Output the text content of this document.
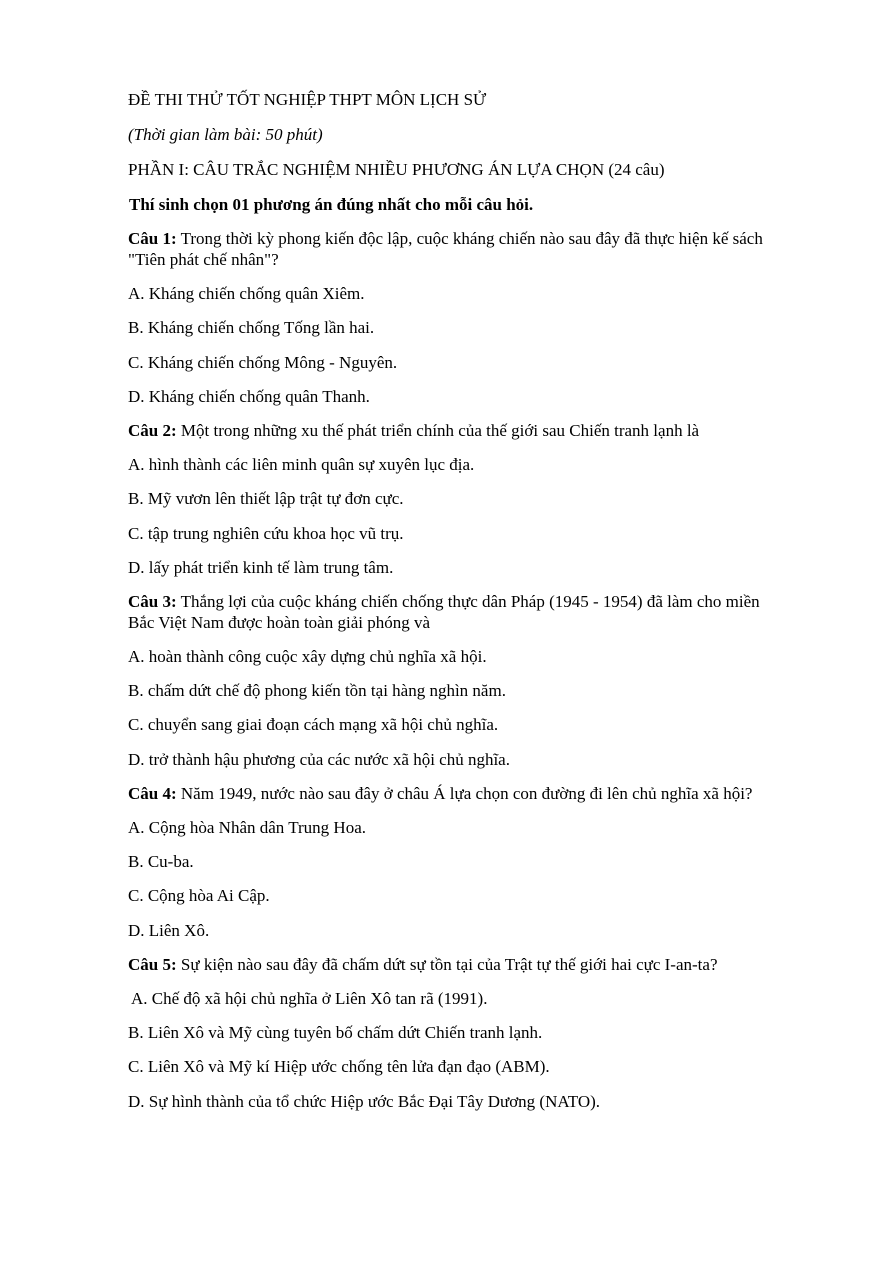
ĐỀ THI THỬ TỐT NGHIỆP THPT MÔN LỊCH SỬ
(Thời gian làm bài: 50 phút)
PHẦN I: CÂU TRẮC NGHIỆM NHIỀU PHƯƠNG ÁN LỰA CHỌN (24 câu)
Thí sinh chọn 01 phương án đúng nhất cho mỗi câu hỏi.
Câu 1: Trong thời kỳ phong kiến độc lập, cuộc kháng chiến nào sau đây đã thực hiện kế sách
"Tiên phát chế nhân"?
A. Kháng chiến chống quân Xiêm.
B. Kháng chiến chống Tống lần hai.
C. Kháng chiến chống Mông - Nguyên.
D. Kháng chiến chống quân Thanh.
Câu 2: Một trong những xu thế phát triển chính của thế giới sau Chiến tranh lạnh là
A. hình thành các liên minh quân sự xuyên lục địa.
B. Mỹ vươn lên thiết lập trật tự đơn cực.
C. tập trung nghiên cứu khoa học vũ trụ.
D. lấy phát triển kinh tế làm trung tâm.
Câu 3: Thắng lợi của cuộc kháng chiến chống thực dân Pháp (1945 - 1954) đã làm cho miền
Bắc Việt Nam được hoàn toàn giải phóng và
A. hoàn thành công cuộc xây dựng chủ nghĩa xã hội.
B. chấm dứt chế độ phong kiến tồn tại hàng nghìn năm.
C. chuyển sang giai đoạn cách mạng xã hội chủ nghĩa.
D. trở thành hậu phương của các nước xã hội chủ nghĩa.
Câu 4: Năm 1949, nước nào sau đây ở châu Á lựa chọn con đường đi lên chủ nghĩa xã hội?
A. Cộng hòa Nhân dân Trung Hoa.
B. Cu-ba.
C. Cộng hòa Ai Cập.
D. Liên Xô.
Câu 5: Sự kiện nào sau đây đã chấm dứt sự tồn tại của Trật tự thế giới hai cực I-an-ta?
A. Chế độ xã hội chủ nghĩa ở Liên Xô tan rã (1991).
B. Liên Xô và Mỹ cùng tuyên bố chấm dứt Chiến tranh lạnh.
C. Liên Xô và Mỹ kí Hiệp ước chống tên lửa đạn đạo (ABM).
D. Sự hình thành của tổ chức Hiệp ước Bắc Đại Tây Dương (NATO).
